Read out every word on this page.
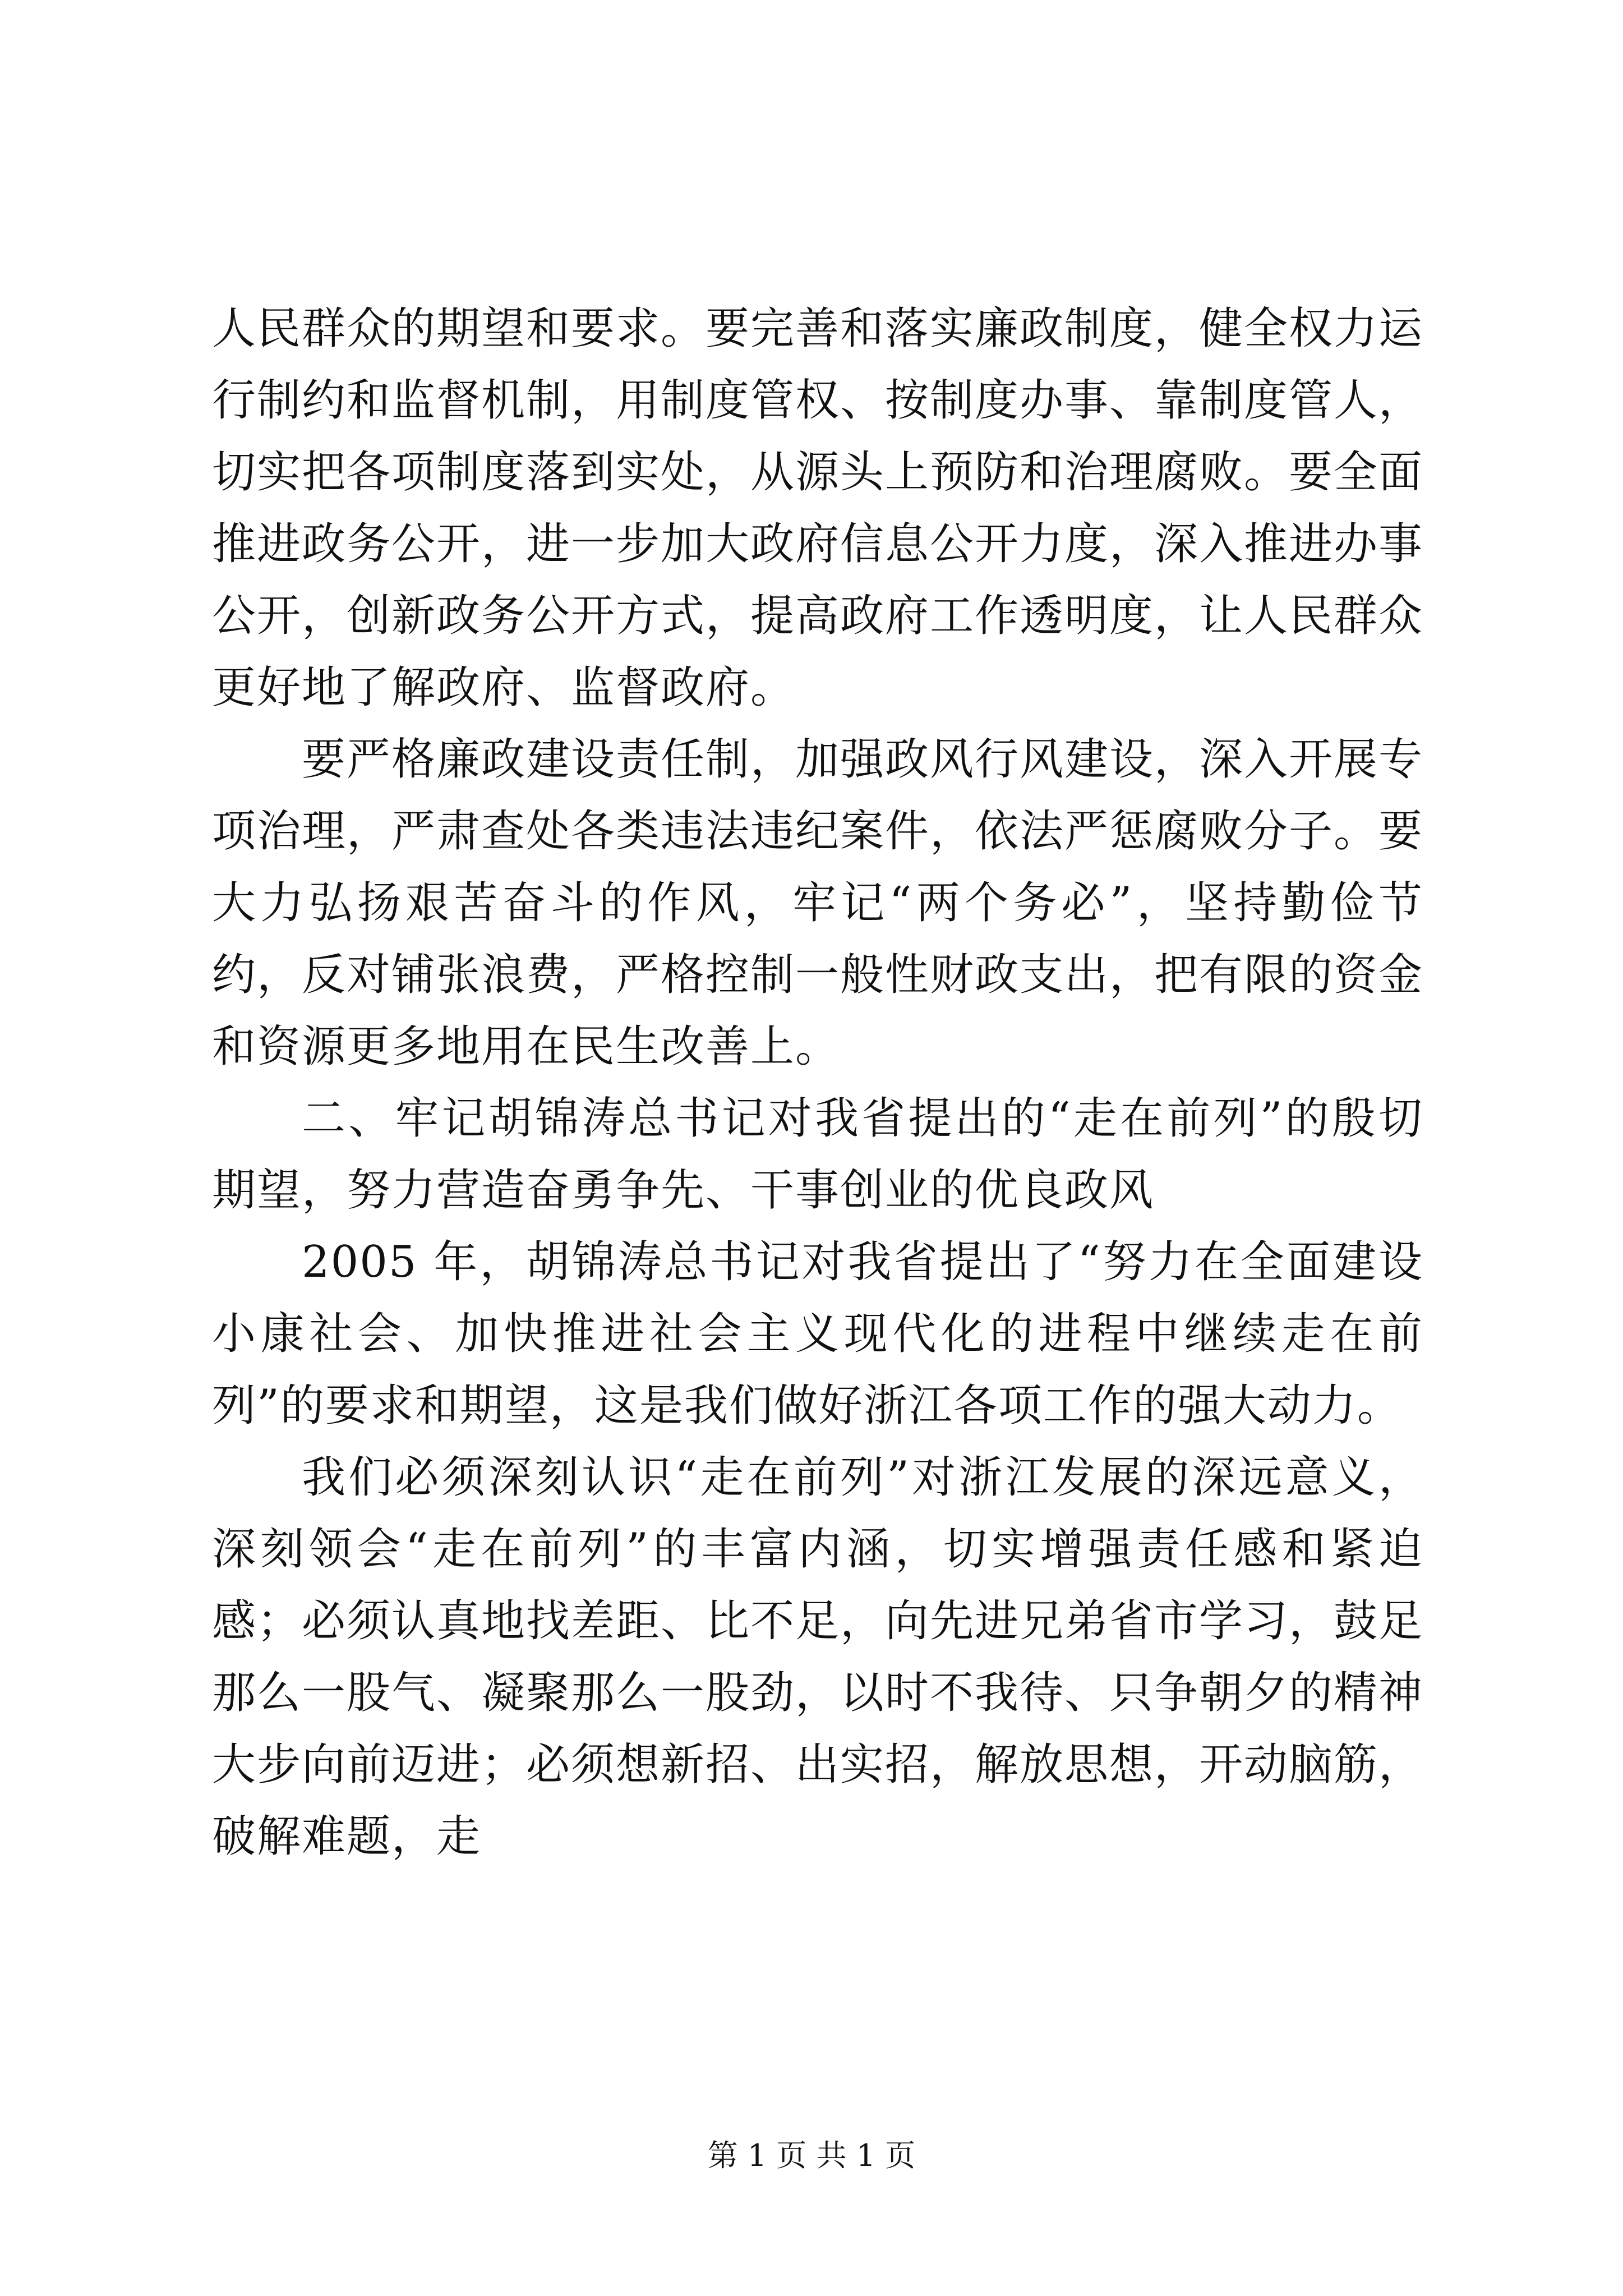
人民群众的期望和要求。要完善和落实廉政制度，健全权力运行制约和监督机制，用制度管权、按制度办事、靠制度管人，切实把各项制度落到实处，从源头上预防和治理腐败。要全面推进政务公开，进一步加大政府信息公开力度，深入推进办事公开，创新政务公开方式，提高政府工作透明度，让人民群众更好地了解政府、监督政府。

要严格廉政建设责任制，加强政风行风建设，深入开展专项治理，严肃查处各类违法违纪案件，依法严惩腐败分子。要大力弘扬艰苦奋斗的作风，牢记“两个务必”，坚持勤俭节约，反对铺张浪费，严格控制一般性财政支出，把有限的资金和资源更多地用在民生改善上。

二、牢记胡锦涛总书记对我省提出的“走在前列”的殷切期望，努力营造奋勇争先、干事创业的优良政风

2005 年，胡锦涛总书记对我省提出了“努力在全面建设小康社会、加快推进社会主义现代化的进程中继续走在前列”的要求和期望，这是我们做好浙江各项工作的强大动力。

我们必须深刻认识“走在前列”对浙江发展的深远意义，深刻领会“走在前列”的丰富内涵，切实增强责任感和紧迫感；必须认真地找差距、比不足，向先进兄弟省市学习，鼓足那么一股气、凝聚那么一股劲，以时不我待、只争朝夕的精神大步向前迈进；必须想新招、出实招，解放思想，开动脑筋，破解难题，走

第 1 页 共 1 页
